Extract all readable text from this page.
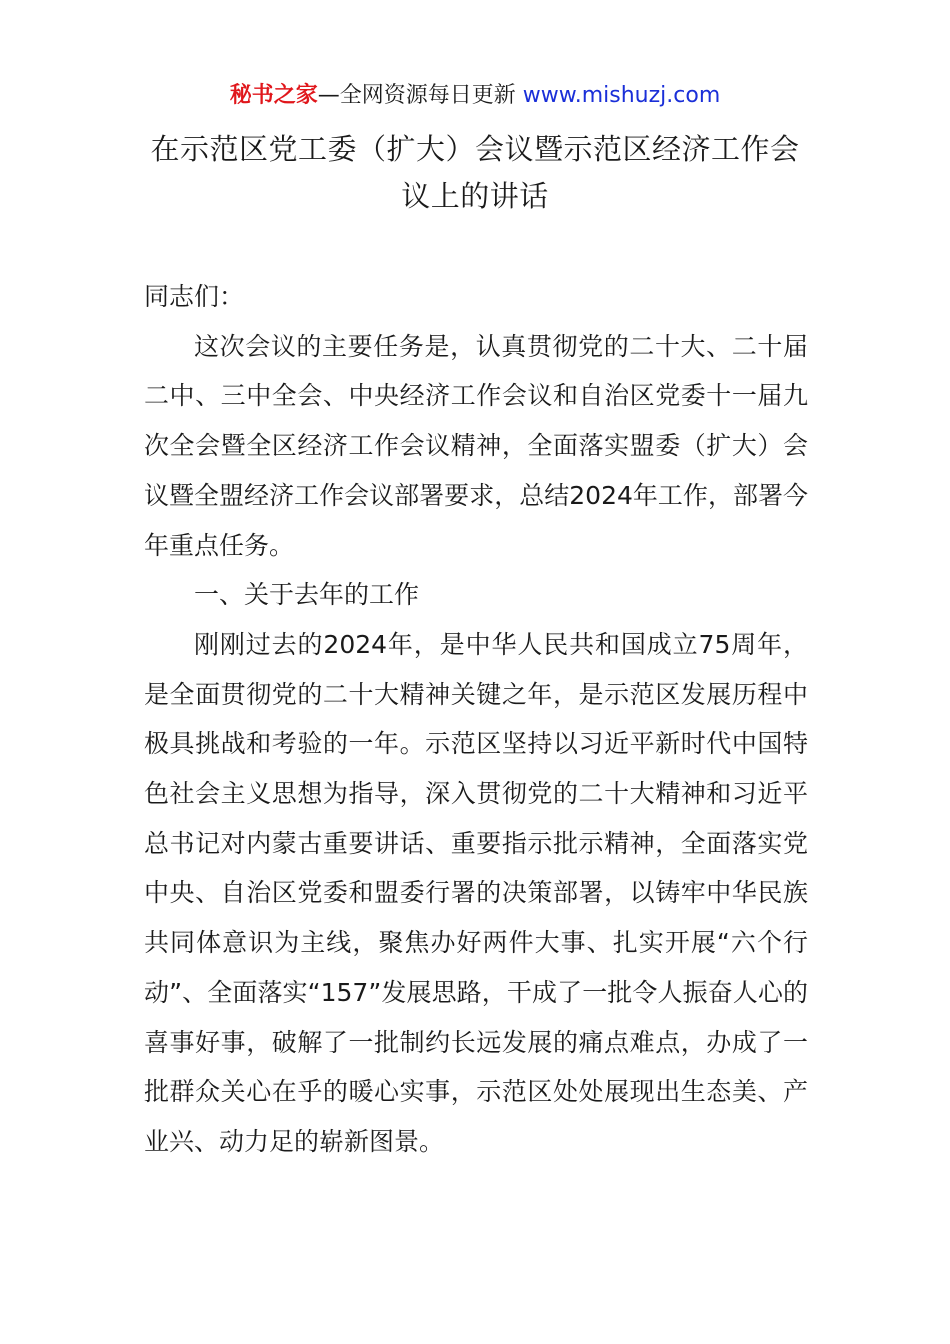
秘书之家—全网资源每日更新 www.mishuzj.com
在示范区党工委（扩大）会议暨示范区经济工作会议上的讲话

同志们：

这次会议的主要任务是，认真贯彻党的二十大、二十届二中、三中全会、中央经济工作会议和自治区党委十一届九次全会暨全区经济工作会议精神，全面落实盟委（扩大）会议暨全盟经济工作会议部署要求，总结2024年工作，部署今年重点任务。

一、关于去年的工作

刚刚过去的2024年，是中华人民共和国成立75周年，是全面贯彻党的二十大精神关键之年，是示范区发展历程中极具挑战和考验的一年。示范区坚持以习近平新时代中国特色社会主义思想为指导，深入贯彻党的二十大精神和习近平总书记对内蒙古重要讲话、重要指示批示精神，全面落实党中央、自治区党委和盟委行署的决策部署，以铸牢中华民族共同体意识为主线，聚焦办好两件大事、扎实开展“六个行动”、全面落实“157”发展思路，干成了一批令人振奋人心的喜事好事，破解了一批制约长远发展的痛点难点，办成了一批群众关心在乎的暖心实事，示范区处处展现出生态美、产业兴、动力足的崭新图景。
